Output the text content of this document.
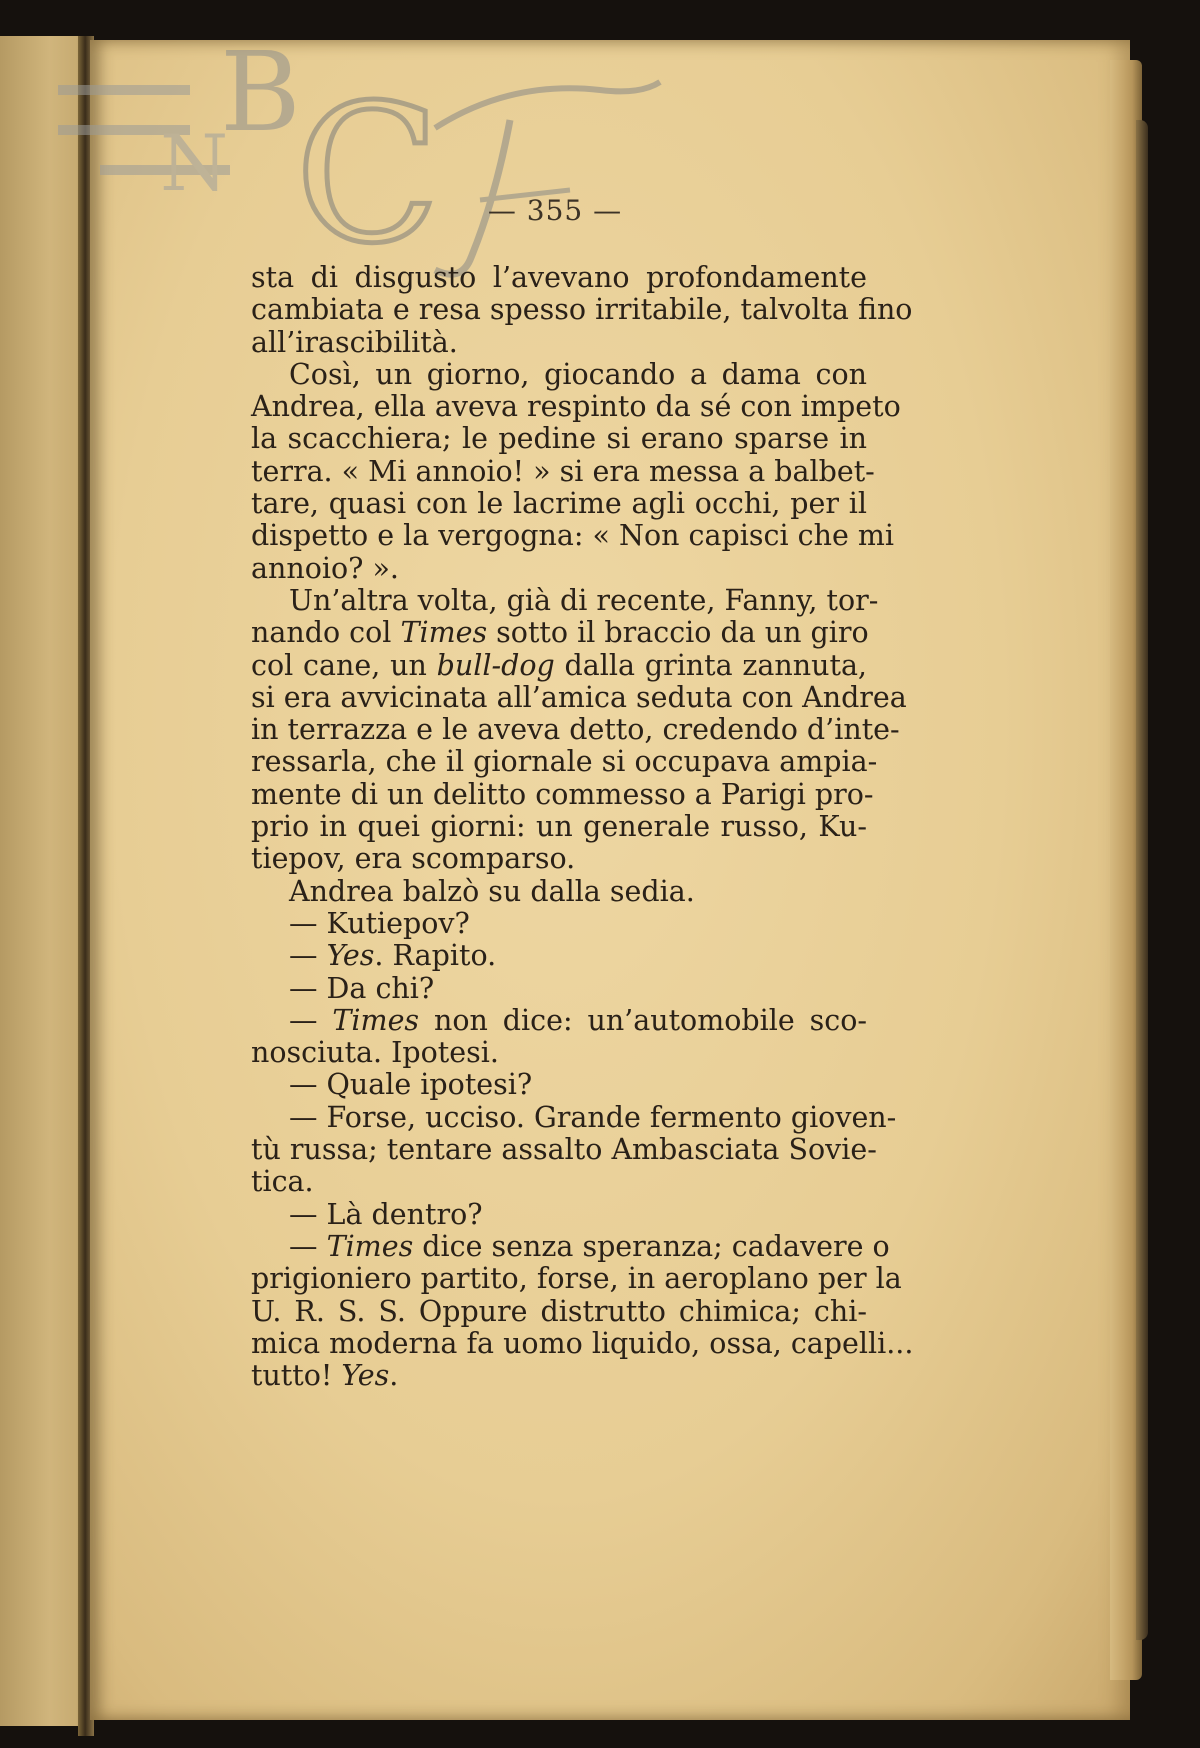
B
N C	— 355 —
sta di disgusto l’avevano profondamente
cambiata e resa spesso irritabile, talvolta fino
all’irascibilità.
Così, un giorno, giocando a dama con
Andrea, ella aveva respinto da sé con impeto
la scacchiera; le pedine si erano sparse in
terra. « Mi annoio! » si era messa a balbet-
tare, quasi con le lacrime agli occhi, per il
dispetto e la vergogna: « Non capisci che mi
annoio? ».
Un’altra volta, già di recente, Fanny, tor-
nando col Times sotto il braccio da un giro
col cane, un bull-dog dalla grinta zannuta,
si era avvicinata all’amica seduta con Andrea
in terrazza e le aveva detto, credendo d’inte-
ressarla, che il giornale si occupava ampia-
mente di un delitto commesso a Parigi pro-
prio in quei giorni: un generale russo, Ku-
tiepov, era scomparso.
Andrea balzò su dalla sedia.
— Kutiepov?
— Yes. Rapito.
— Da chi?
— Times non dice: un’automobile sco-
nosciuta. Ipotesi.
— Quale ipotesi?
— Forse, ucciso. Grande fermento gioven-
tù russa; tentare assalto Ambasciata Sovie-
tica.
— Là dentro?
— Times dice senza speranza; cadavere o
prigioniero partito, forse, in aeroplano per la
U. R. S. S. Oppure distrutto chimica; chi-
mica moderna fa uomo liquido, ossa, capelli...
tutto! Yes.
